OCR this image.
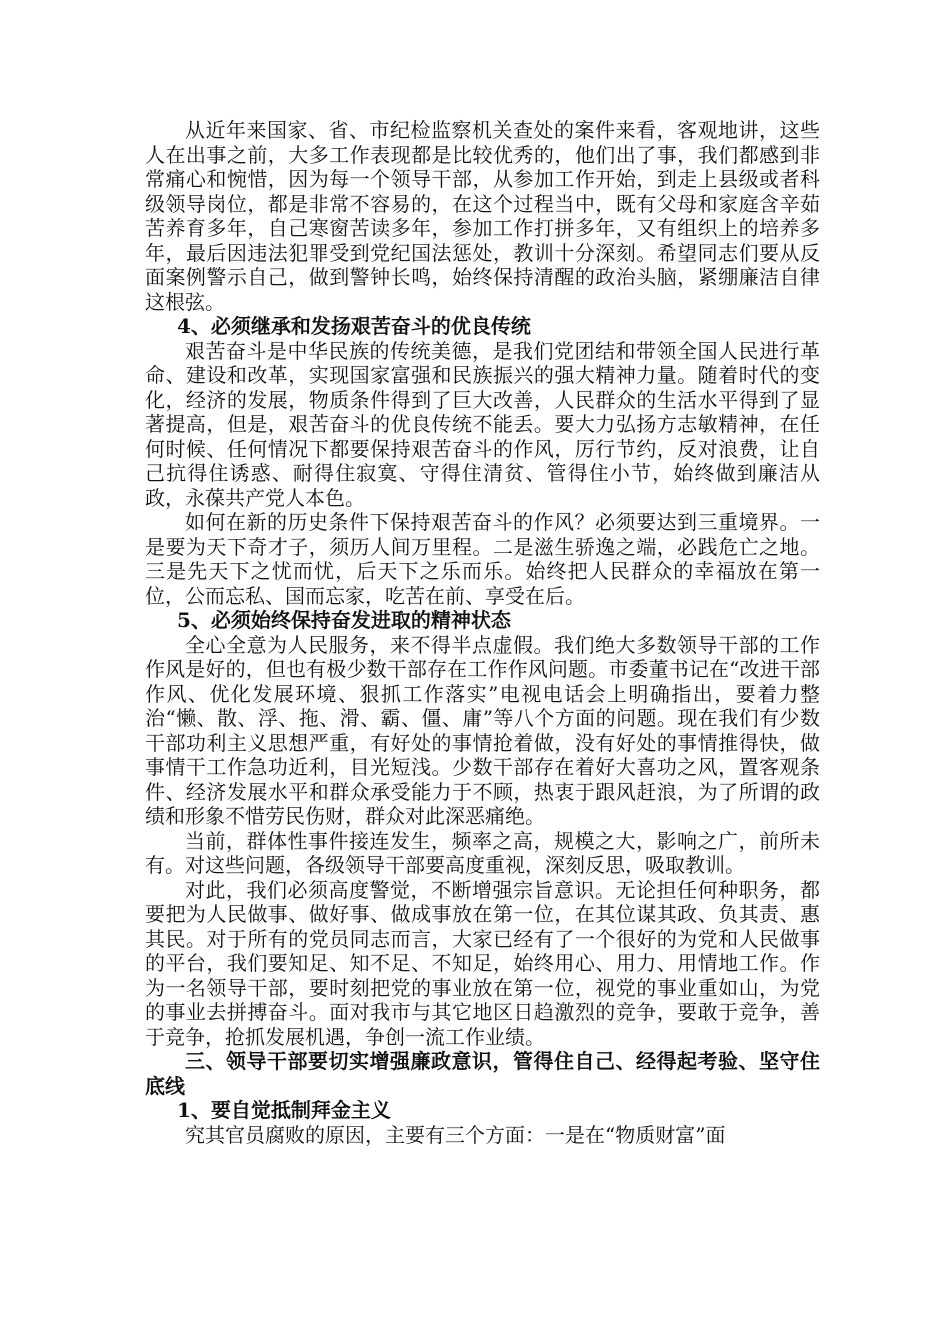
从近年来国家、省、市纪检监察机关查处的案件来看，客观地讲，这些人在出事之前，大多工作表现都是比较优秀的，他们出了事，我们都感到非常痛心和惋惜，因为每一个领导干部，从参加工作开始，到走上县级或者科级领导岗位，都是非常不容易的，在这个过程当中，既有父母和家庭含辛茹苦养育多年，自己寒窗苦读多年，参加工作打拼多年，又有组织上的培养多年，最后因违法犯罪受到党纪国法惩处，教训十分深刻。希望同志们要从反面案例警示自己，做到警钟长鸣，始终保持清醒的政治头脑，紧绷廉洁自律这根弦。

4、必须继承和发扬艰苦奋斗的优良传统

艰苦奋斗是中华民族的传统美德，是我们党团结和带领全国人民进行革命、建设和改革，实现国家富强和民族振兴的强大精神力量。随着时代的变化，经济的发展，物质条件得到了巨大改善，人民群众的生活水平得到了显著提高，但是，艰苦奋斗的优良传统不能丢。要大力弘扬方志敏精神，在任何时候、任何情况下都要保持艰苦奋斗的作风，厉行节约，反对浪费，让自己抗得住诱惑、耐得住寂寞、守得住清贫、管得住小节，始终做到廉洁从政，永葆共产党人本色。

如何在新的历史条件下保持艰苦奋斗的作风？必须要达到三重境界。一是要为天下奇才子，须历人间万里程。二是滋生骄逸之端，必践危亡之地。三是先天下之忧而忧，后天下之乐而乐。始终把人民群众的幸福放在第一位，公而忘私、国而忘家，吃苦在前、享受在后。

5、必须始终保持奋发进取的精神状态

全心全意为人民服务，来不得半点虚假。我们绝大多数领导干部的工作作风是好的，但也有极少数干部存在工作作风问题。市委董书记在“改进干部作风、优化发展环境、狠抓工作落实”电视电话会上明确指出，要着力整治“懒、散、浮、拖、滑、霸、僵、庸”等八个方面的问题。现在我们有少数干部功利主义思想严重，有好处的事情抢着做，没有好处的事情推得快，做事情干工作急功近利，目光短浅。少数干部存在着好大喜功之风，置客观条件、经济发展水平和群众承受能力于不顾，热衷于跟风赶浪，为了所谓的政绩和形象不惜劳民伤财，群众对此深恶痛绝。

当前，群体性事件接连发生，频率之高，规模之大，影响之广，前所未有。对这些问题，各级领导干部要高度重视，深刻反思，吸取教训。

对此，我们必须高度警觉，不断增强宗旨意识。无论担任何种职务，都要把为人民做事、做好事、做成事放在第一位，在其位谋其政、负其责、惠其民。对于所有的党员同志而言，大家已经有了一个很好的为党和人民做事的平台，我们要知足、知不足、不知足，始终用心、用力、用情地工作。作为一名领导干部，要时刻把党的事业放在第一位，视党的事业重如山，为党的事业去拼搏奋斗。面对我市与其它地区日趋激烈的竞争，要敢于竞争，善于竞争，抢抓发展机遇，争创一流工作业绩。

三、领导干部要切实增强廉政意识，管得住自己、经得起考验、坚守住底线

1、要自觉抵制拜金主义

究其官员腐败的原因，主要有三个方面：一是在“物质财富”面
